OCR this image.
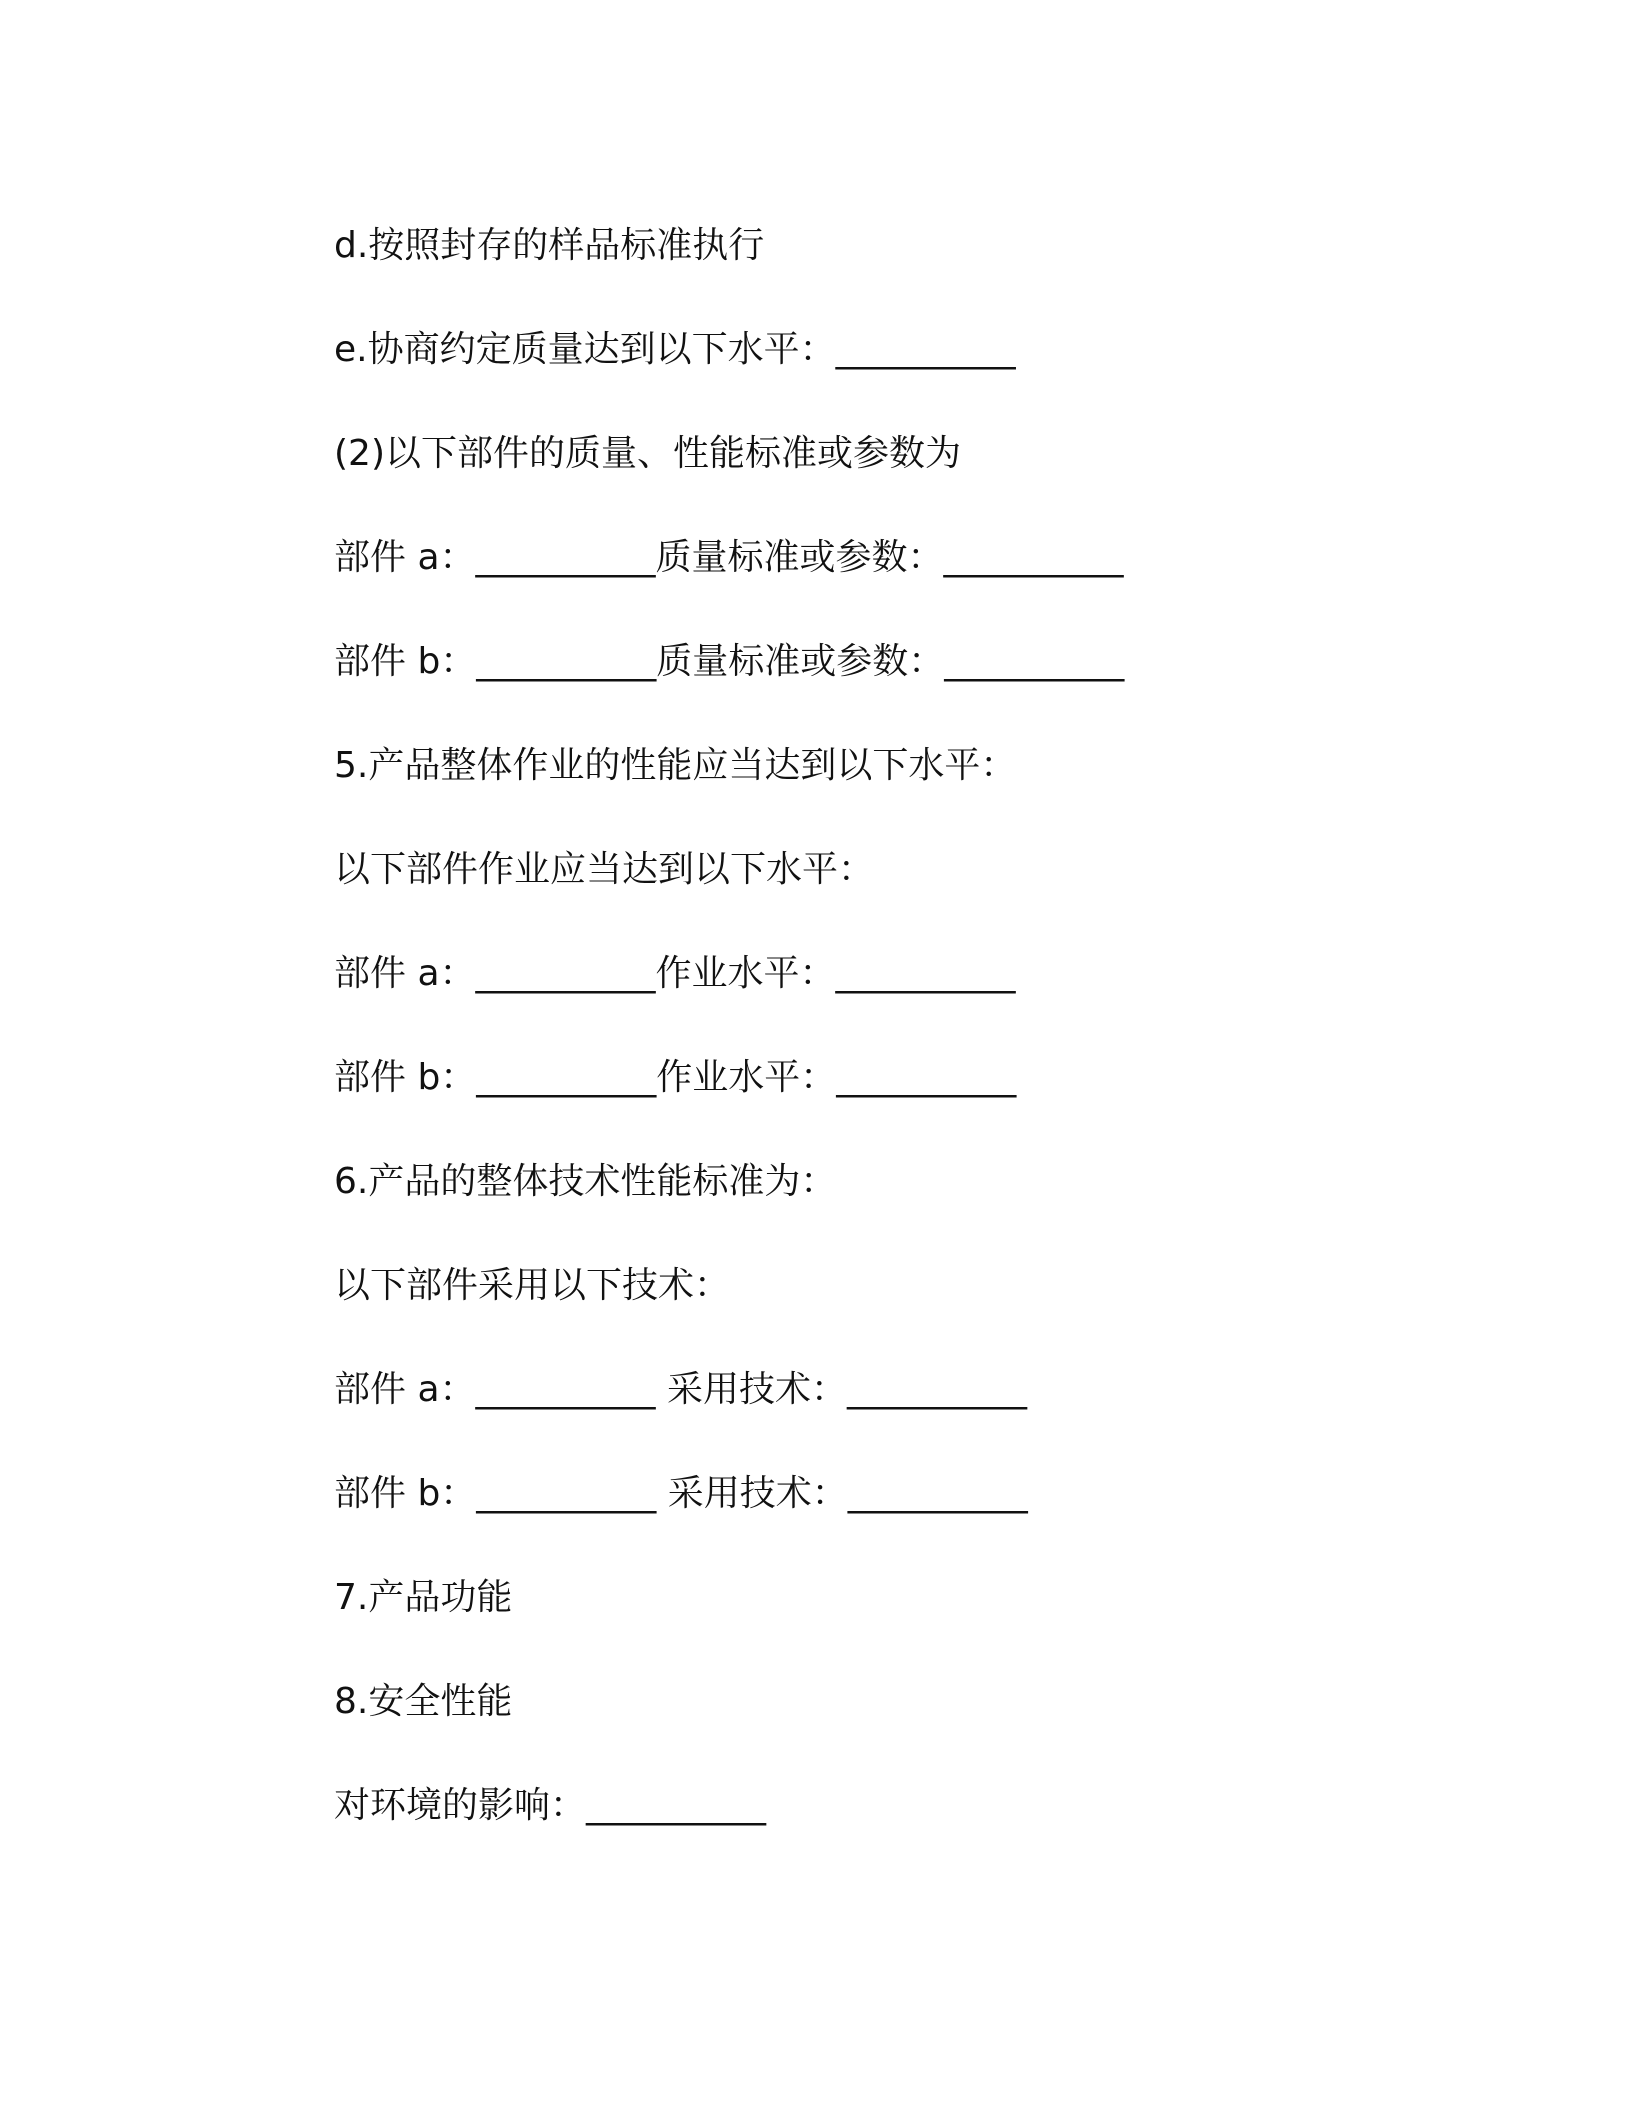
d.按照封存的样品标准执行
e.协商约定质量达到以下水平：__________
(2)以下部件的质量、性能标准或参数为
部件 a：__________质量标准或参数：__________
部件 b：__________质量标准或参数：__________
5.产品整体作业的性能应当达到以下水平：
以下部件作业应当达到以下水平：
部件 a：__________作业水平：__________
部件 b：__________作业水平：__________
6.产品的整体技术性能标准为：
以下部件采用以下技术：
部件 a：__________ 采用技术：__________
部件 b：__________ 采用技术：__________
7.产品功能
8.安全性能
对环境的影响：__________
